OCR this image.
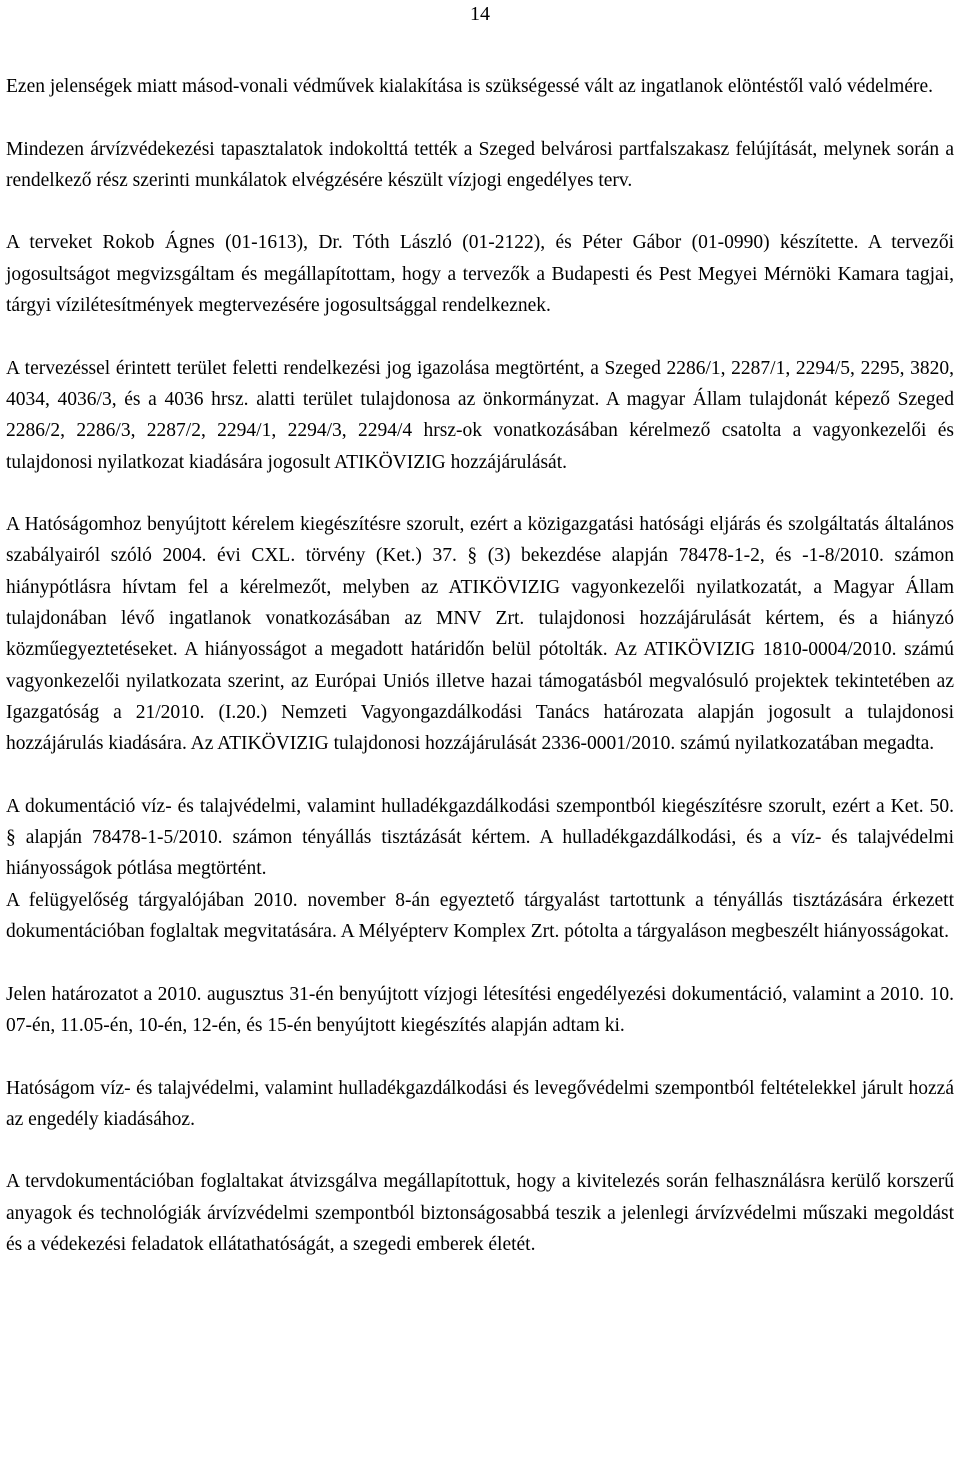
14

Ezen jelenségek miatt másod-vonali védművek kialakítása is szükségessé vált az ingatlanok elöntéstől való védelmére.

Mindezen árvízvédekezési tapasztalatok indokolttá tették a Szeged belvárosi partfalszakasz felújítását, melynek során a rendelkező rész szerinti munkálatok elvégzésére készült vízjogi engedélyes terv.

A terveket Rokob Ágnes (01-1613), Dr. Tóth László (01-2122), és Péter Gábor (01-0990) készítette. A tervezői jogosultságot megvizsgáltam és megállapítottam, hogy a tervezők a Budapesti és Pest Megyei Mérnöki Kamara tagjai, tárgyi vízilétesítmények megtervezésére jogosultsággal rendelkeznek.

A tervezéssel érintett terület feletti rendelkezési jog igazolása megtörtént, a Szeged 2286/1, 2287/1, 2294/5, 2295, 3820, 4034, 4036/3, és a 4036 hrsz. alatti terület tulajdonosa az önkormányzat. A magyar Állam tulajdonát képező Szeged 2286/2, 2286/3, 2287/2, 2294/1, 2294/3, 2294/4 hrsz-ok vonatkozásában kérelmező csatolta a vagyonkezelői és tulajdonosi nyilatkozat kiadására jogosult ATIKÖVIZIG hozzájárulását.

A Hatóságomhoz benyújtott kérelem kiegészítésre szorult, ezért a közigazgatási hatósági eljárás és szolgáltatás általános szabályairól szóló 2004. évi CXL. törvény (Ket.) 37. § (3) bekezdése alapján 78478-1-2, és -1-8/2010. számon hiánypótlásra hívtam fel a kérelmezőt, melyben az ATIKÖVIZIG vagyonkezelői nyilatkozatát, a Magyar Állam tulajdonában lévő ingatlanok vonatkozásában az MNV Zrt. tulajdonosi hozzájárulását kértem, és a hiányzó közműegyeztetéseket. A hiányosságot a megadott határidőn belül pótolták. Az ATIKÖVIZIG 1810-0004/2010. számú vagyonkezelői nyilatkozata szerint, az Európai Uniós illetve hazai támogatásból megvalósuló projektek tekintetében az Igazgatóság a 21/2010. (I.20.) Nemzeti Vagyongazdálkodási Tanács határozata alapján jogosult a tulajdonosi hozzájárulás kiadására. Az ATIKÖVIZIG tulajdonosi hozzájárulását 2336-0001/2010. számú nyilatkozatában megadta.

A dokumentáció víz- és talajvédelmi, valamint hulladékgazdálkodási szempontból kiegészítésre szorult, ezért a Ket. 50. § alapján 78478-1-5/2010. számon tényállás tisztázását kértem. A hulladékgazdálkodási, és a víz- és talajvédelmi hiányosságok pótlása megtörtént.

A felügyelőség tárgyalójában 2010. november 8-án egyeztető tárgyalást tartottunk a tényállás tisztázására érkezett dokumentációban foglaltak megvitatására. A Mélyépterv Komplex Zrt. pótolta a tárgyaláson megbeszélt hiányosságokat.

Jelen határozatot a 2010. augusztus 31-én benyújtott vízjogi létesítési engedélyezési dokumentáció, valamint a 2010. 10. 07-én, 11.05-én, 10-én, 12-én, és 15-én benyújtott kiegészítés alapján adtam ki.

Hatóságom víz- és talajvédelmi, valamint hulladékgazdálkodási és levegővédelmi szempontból feltételekkel járult hozzá az engedély kiadásához.

A tervdokumentációban foglaltakat átvizsgálva megállapítottuk, hogy a kivitelezés során felhasználásra kerülő korszerű anyagok és technológiák árvízvédelmi szempontból biztonságosabbá teszik a jelenlegi árvízvédelmi műszaki megoldást és a védekezési feladatok ellátathatóságát, a szegedi emberek életét.
